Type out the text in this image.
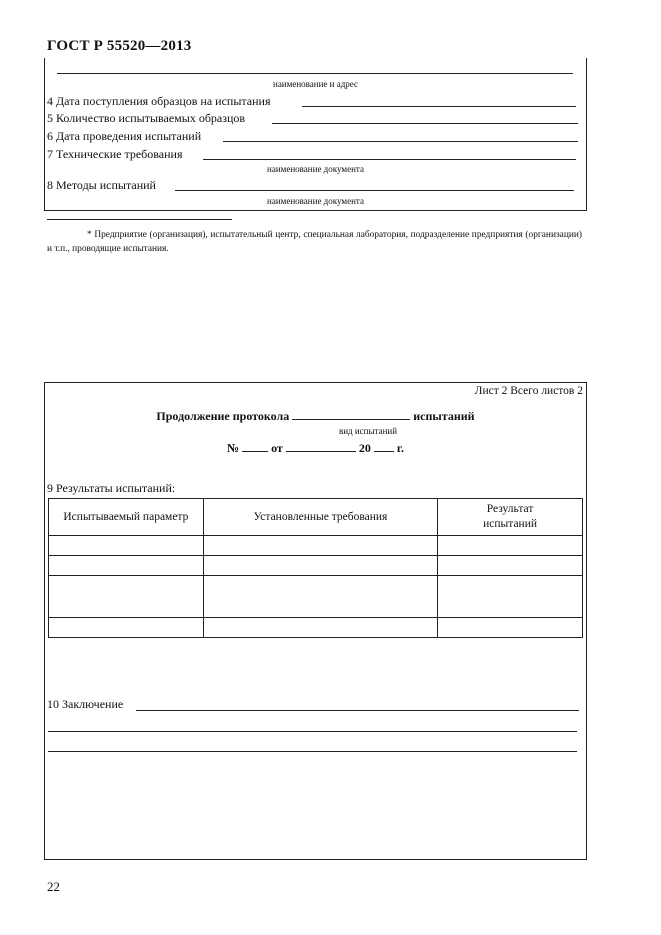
ГОСТ Р 55520—2013
наименование и адрес
4 Дата поступления образцов на испытания
5 Количество испытываемых образцов
6 Дата проведения испытаний
7 Технические требования
наименование документа
8 Методы испытаний
наименование документа
* Предприятие (организация), испытательный центр, специальная лаборатория, подразделение предприятия (организации) и т.п., проводящие испытания.
Лист 2 Всего листов 2
Продолжение протокола	испытаний
вид испытаний
№	от	20 г.
9 Результаты испытаний:
Испытываемый параметр	Установленные требования	Результат испытаний

10 Заключение
22
